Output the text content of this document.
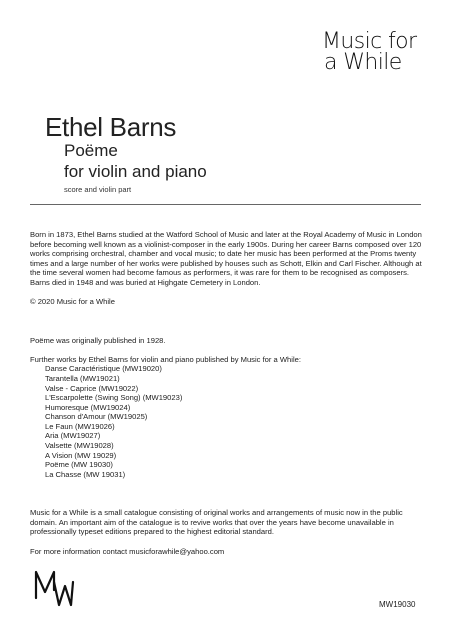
Music for
a While
Ethel Barns
Poëme
for violin and piano
score and violin part

Born in 1873, Ethel Barns studied at the Watford School of Music and later at the Royal Academy of Music in London before becoming well known as a violinist-composer in the early 1900s. During her career Barns composed over 120 works comprising orchestral, chamber and vocal music; to date her music has been performed at the Proms twenty times and a large number of her works were published by houses such as Schott, Elkin and Carl Fischer. Although at the time several women had become famous as performers, it was rare for them to be recognised as composers. Barns died in 1948 and was buried at Highgate Cemetery in London.

© 2020 Music for a While

Poëme was originally published in 1928.

Further works by Ethel Barns for violin and piano published by Music for a While:

Danse Caractéristique (MW19020)
Tarantella (MW19021)
Valse - Caprice (MW19022)
L'Escarpolette (Swing Song) (MW19023)
Humoresque (MW19024)
Chanson d'Amour (MW19025)
Le Faun (MW19026)
Aria (MW19027)
Valsette (MW19028)
A Vision (MW 19029)
Poëme (MW 19030)
La Chasse (MW 19031)

Music for a While is a small catalogue consisting of original works and arrangements of music now in the public domain. An important aim of the catalogue is to revive works that over the years have become unavailable in professionally typeset editions prepared to the highest editorial standard.

For more information contact musicforawhile@yahoo.com

MW19030
